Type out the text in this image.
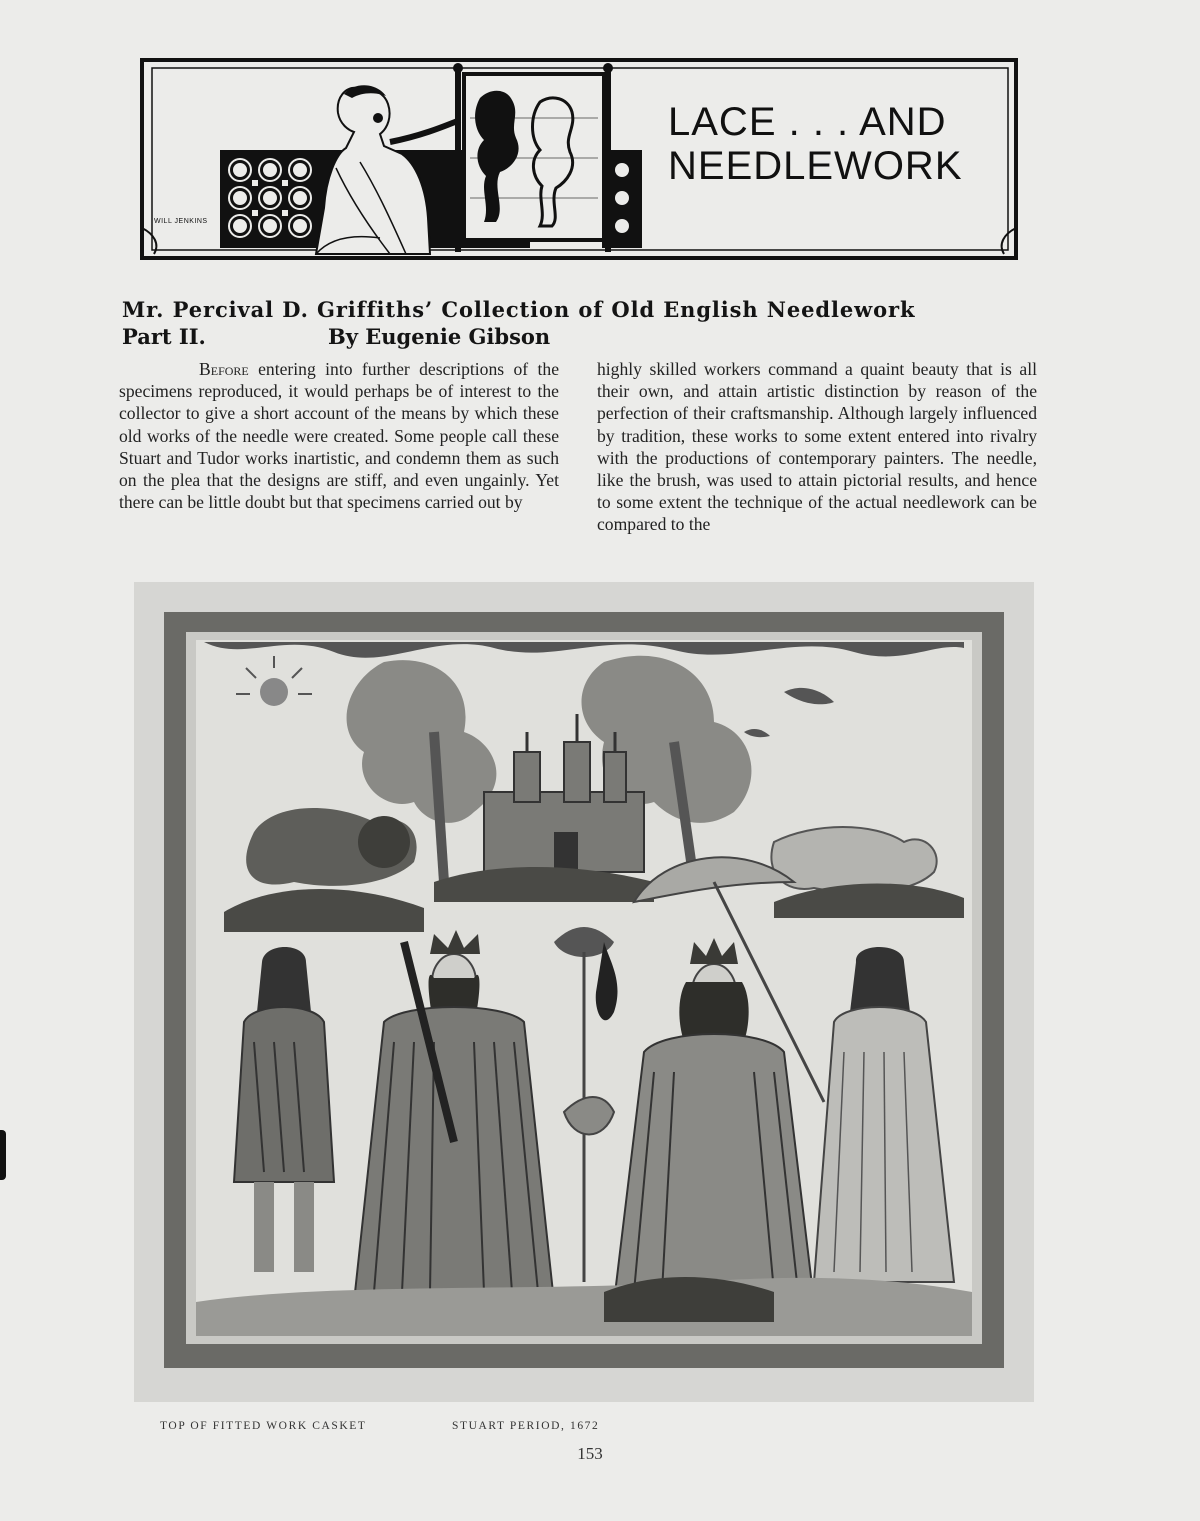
WILL JENKINS
LACE . . . AND
NEEDLEWORK
Mr. Percival D. Griffiths’ Collection of Old English Needlework
Part II.	By Eugenie Gibson
Before entering into further descriptions of the specimens reproduced, it would perhaps be of interest to the collector to give a short account of the means by which these old works of the needle were created. Some people call these Stuart and Tudor works inartistic, and condemn them as such on the plea that the designs are stiff, and even ungainly. Yet there can be little doubt but that specimens carried out by
highly skilled workers command a quaint beauty that is all their own, and attain artistic distinction by reason of the perfection of their craftsmanship. Although largely influenced by tradition, these works to some extent entered into rivalry with the productions of contemporary painters. The needle, like the brush, was used to attain pictorial results, and hence to some extent the technique of the actual needlework can be compared to the
TOP OF FITTED WORK CASKET	STUART PERIOD, 1672
153
